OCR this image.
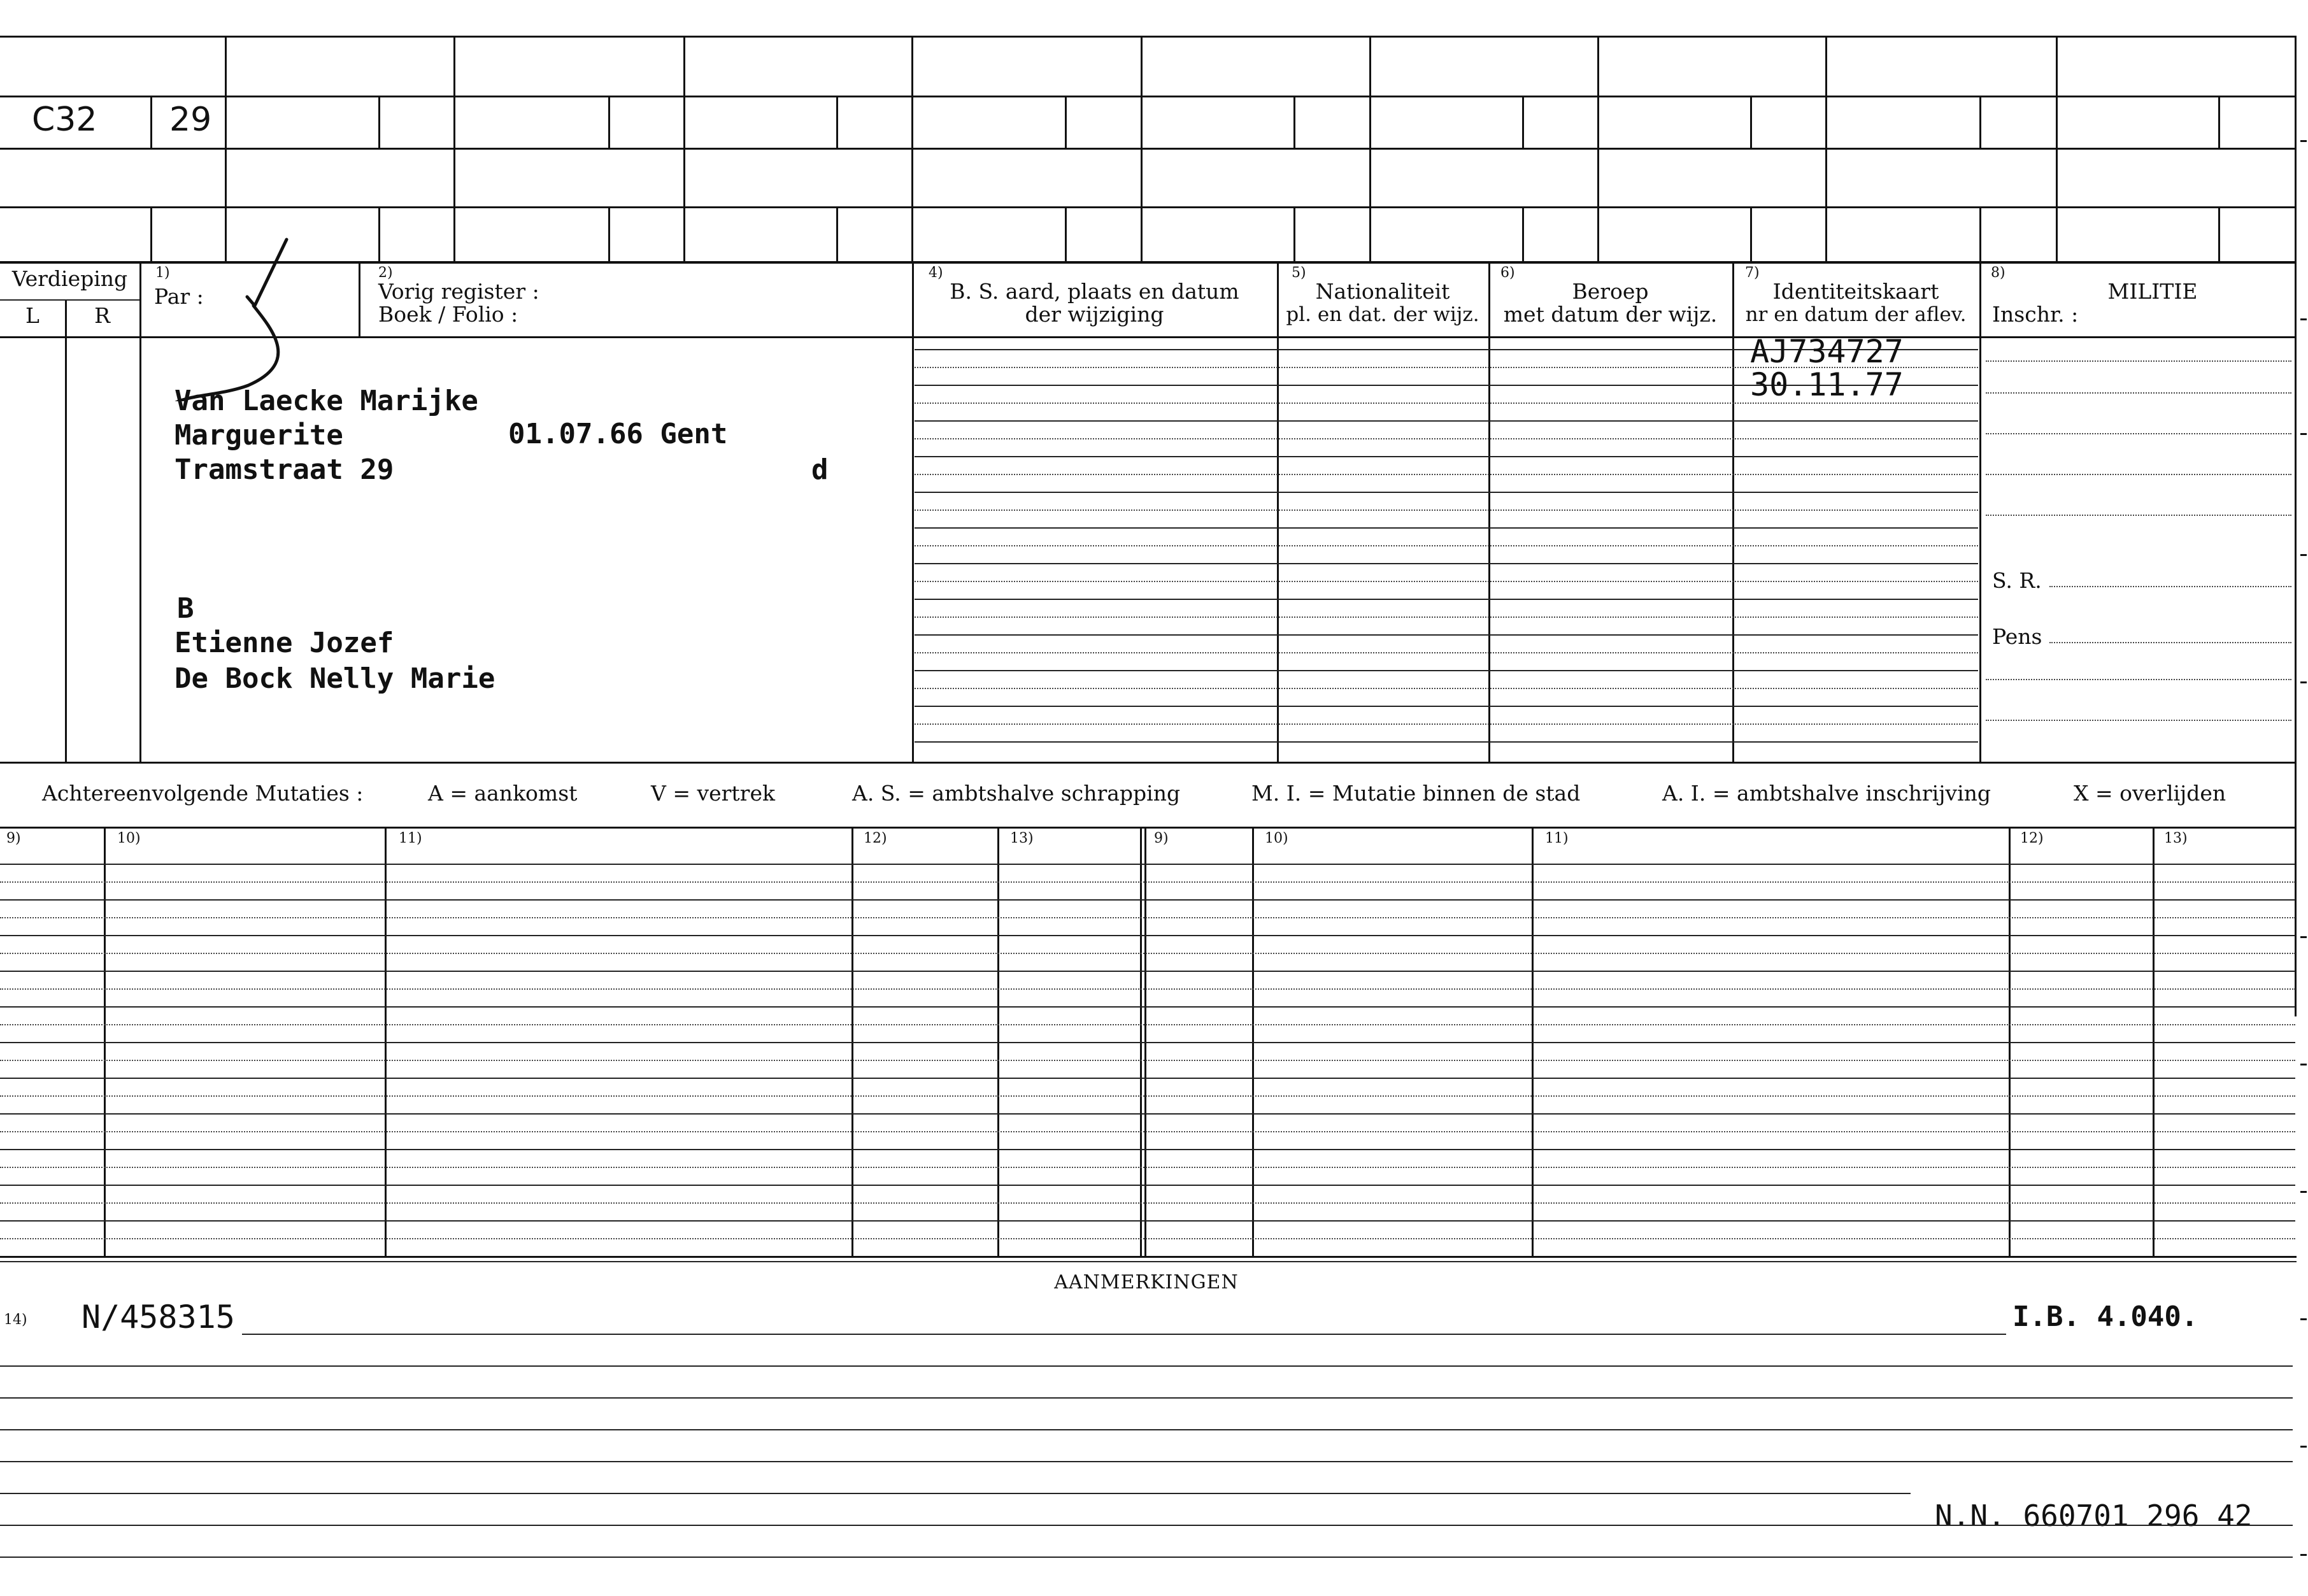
C32 29
Verdieping
L	R
1)
Par :
2)
Vorig register :
Boek / Folio :
4)
B. S. aard, plaats en datum
der wijziging
5)
Nationaliteit
pl. en dat. der wijz.
6)
Beroep
met datum der wijz.
7)
Identiteitskaart
nr en datum der aflev.
8)
MILITIE
Inschr. :
S. R.
Pens
Van Laecke Marijke
Marguerite	01.07.66 Gent
Tramstraat 29	d
B
Etienne Jozef
De Bock Nelly Marie
AJ734727
30.11.77
Achtereenvolgende Mutaties :	A = aankomst	V = vertrek	A. S. = ambtshalve schrapping	M. I. = Mutatie binnen de stad	A. I. = ambtshalve inschrijving	X = overlijden
9)	10)	11)	12)	13)	9)	10)	11)	12)	13)
AANMERKINGEN
14) N/458315	I.B. 4.040.
N.N. 660701 296 42
